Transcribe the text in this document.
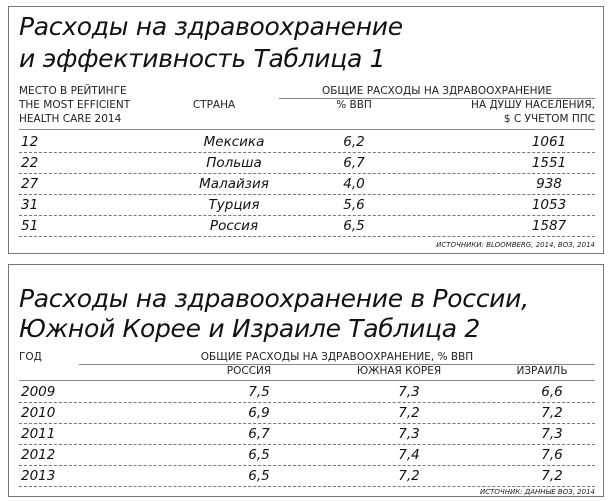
Расходы на здравоохранение
и эффективность Таблица 1
МЕСТО В РЕЙТИНГЕ
THE MOST EFFICIENT
HEALTH CARE 2014
СТРАНА
ОБЩИЕ РАСХОДЫ НА ЗДРАВООХРАНЕНИЕ
% ВВП	НА ДУШУ НАСЕЛЕНИЯ,
$ С УЧЕТОМ ППС
12	Мексика	6,2	1061
22	Польша	6,7	1551
27	Малайзия	4,0	938
31	Турция	5,6	1053
51	Россия	6,5	1587
ИСТОЧНИКИ: BLOOMBERG, 2014, ВОЗ, 2014
Расходы на здравоохранение в России,
Южной Корее и Израиле Таблица 2
ГОД	ОБЩИЕ РАСХОДЫ НА ЗДРАВООХРАНЕНИЕ, % ВВП
РОССИЯ	ЮЖНАЯ КОРЕЯ	ИЗРАИЛЬ
2009	7,5	7,3	6,6
2010	6,9	7,2	7,2
2011	6,7	7,3	7,3
2012	6,5	7,4	7,6
2013	6,5	7,2	7,2
ИСТОЧНИК: ДАННЫЕ ВОЗ, 2014
